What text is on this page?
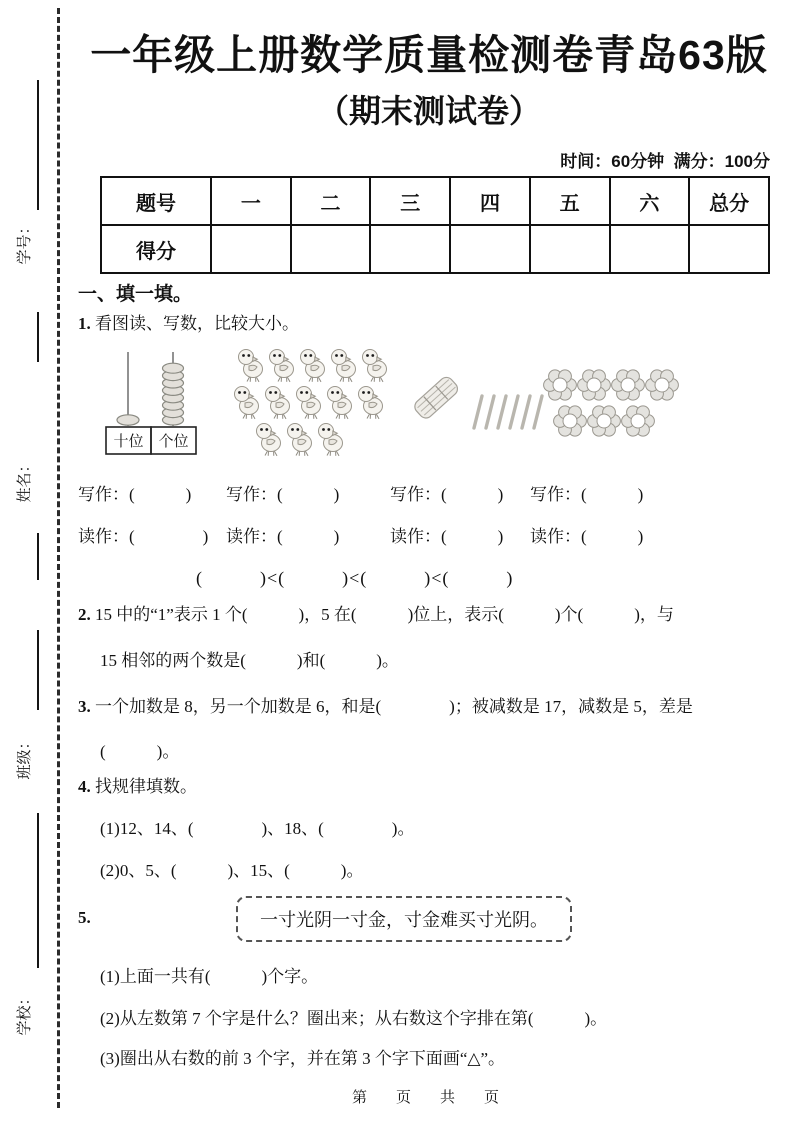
学号：
姓名：
班级：
学校：
一年级上册数学质量检测卷青岛63版
（期末测试卷）
时间：60分钟  满分：100分
题号	一	二	三	四	五	六	总分
得分							
一、填一填。
1. 看图读、写数，比较大小。
十位 个位
写作：(　　　)	写作：(　　　)	写作：(　　　)	写作：(　　　)
读作：(　　　　)	读作：(　　　)	读作：(　　　)	读作：(　　　)
(　　　)<(　　　)<(　　　)<(　　　)
2. 15 中的“1”表示 1 个(　　　)，5 在(　　　)位上，表示(　　　)个(　　　)，与
15 相邻的两个数是(　　　)和(　　　)。
3. 一个加数是 8，另一个加数是 6，和是(　　　　)；被减数是 17，减数是 5，差是
(　　　)。
4. 找规律填数。
(1)12、14、(　　　　)、18、(　　　　)。
(2)0、5、(　　　)、15、(　　　)。
5.	一寸光阴一寸金，寸金难买寸光阴。
(1)上面一共有(　　　)个字。
(2)从左数第 7 个字是什么？圈出来；从右数这个字排在第(　　　)。
(3)圈出从右数的前 3 个字，并在第 3 个字下面画“△”。
第　页　共　页
